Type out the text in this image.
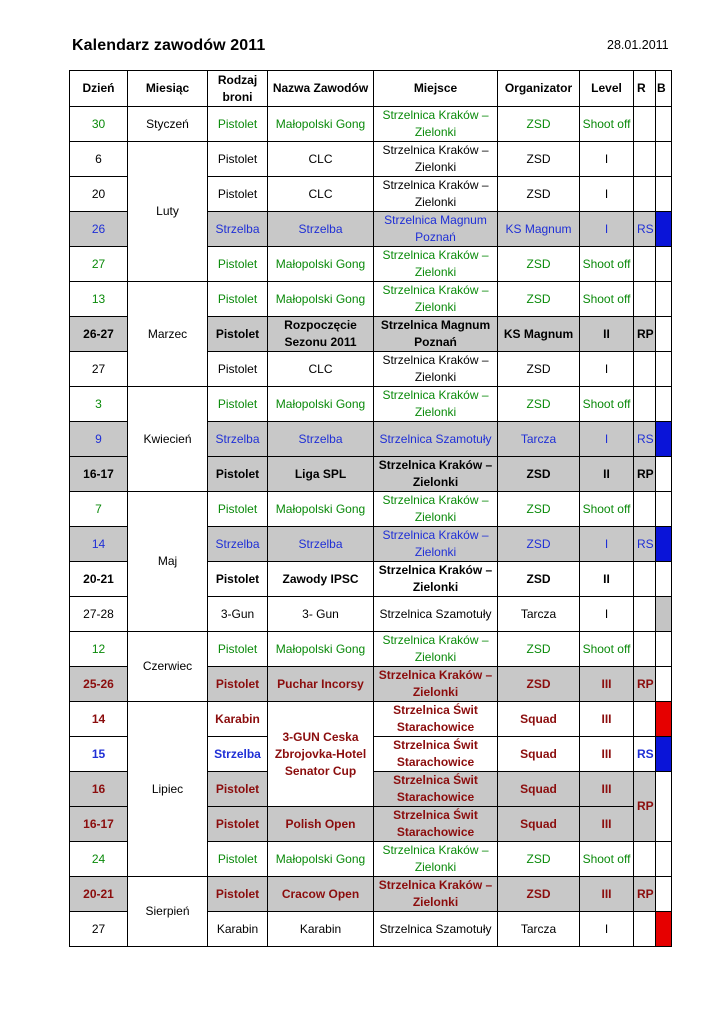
Kalendarz zawodów 2011	28.01.2011
Dzień	Miesiąc	Rodzaj broni	Nazwa Zawodów	Miejsce	Organizator	Level	R	B
30	Styczeń	Pistolet	Małopolski Gong	Strzelnica Kraków – Zielonki	ZSD	Shoot off		
6	Luty	Pistolet	CLC	Strzelnica Kraków – Zielonki	ZSD	I		
20		Pistolet	CLC	Strzelnica Kraków – Zielonki	ZSD	I		
26		Strzelba	Strzelba	Strzelnica Magnum Poznań	KS Magnum	I	RS	
27		Pistolet	Małopolski Gong	Strzelnica Kraków – Zielonki	ZSD	Shoot off		
13	Marzec	Pistolet	Małopolski Gong	Strzelnica Kraków – Zielonki	ZSD	Shoot off		
26-27		Pistolet	Rozpoczęcie Sezonu 2011	Strzelnica Magnum Poznań	KS Magnum	II	RP	
27		Pistolet	CLC	Strzelnica Kraków – Zielonki	ZSD	I		
3	Kwiecień	Pistolet	Małopolski Gong	Strzelnica Kraków – Zielonki	ZSD	Shoot off		
9		Strzelba	Strzelba	Strzelnica Szamotuły	Tarcza	I	RS	
16-17		Pistolet	Liga SPL	Strzelnica Kraków – Zielonki	ZSD	II	RP	
7	Maj	Pistolet	Małopolski Gong	Strzelnica Kraków – Zielonki	ZSD	Shoot off		
14		Strzelba	Strzelba	Strzelnica Kraków – Zielonki	ZSD	I	RS	
20-21		Pistolet	Zawody IPSC	Strzelnica Kraków – Zielonki	ZSD	II		
27-28		3-Gun	3- Gun	Strzelnica Szamotuły	Tarcza	I		
12	Czerwiec	Pistolet	Małopolski Gong	Strzelnica Kraków – Zielonki	ZSD	Shoot off		
25-26		Pistolet	Puchar Incorsy	Strzelnica Kraków – Zielonki	ZSD	III	RP	
14	Lipiec	Karabin	3-GUN Ceska Zbrojovka-Hotel Senator Cup	Strzelnica Świt Starachowice	Squad	III		
15		Strzelba		Strzelnica Świt Starachowice	Squad	III	RS	
16		Pistolet		Strzelnica Świt Starachowice	Squad	III	RP	
16-17		Pistolet	Polish Open	Strzelnica Świt Starachowice	Squad	III		
24		Pistolet	Małopolski Gong	Strzelnica Kraków – Zielonki	ZSD	Shoot off		
20-21	Sierpień	Pistolet	Cracow Open	Strzelnica Kraków – Zielonki	ZSD	III	RP	
27		Karabin	Karabin	Strzelnica Szamotuły	Tarcza	I		
